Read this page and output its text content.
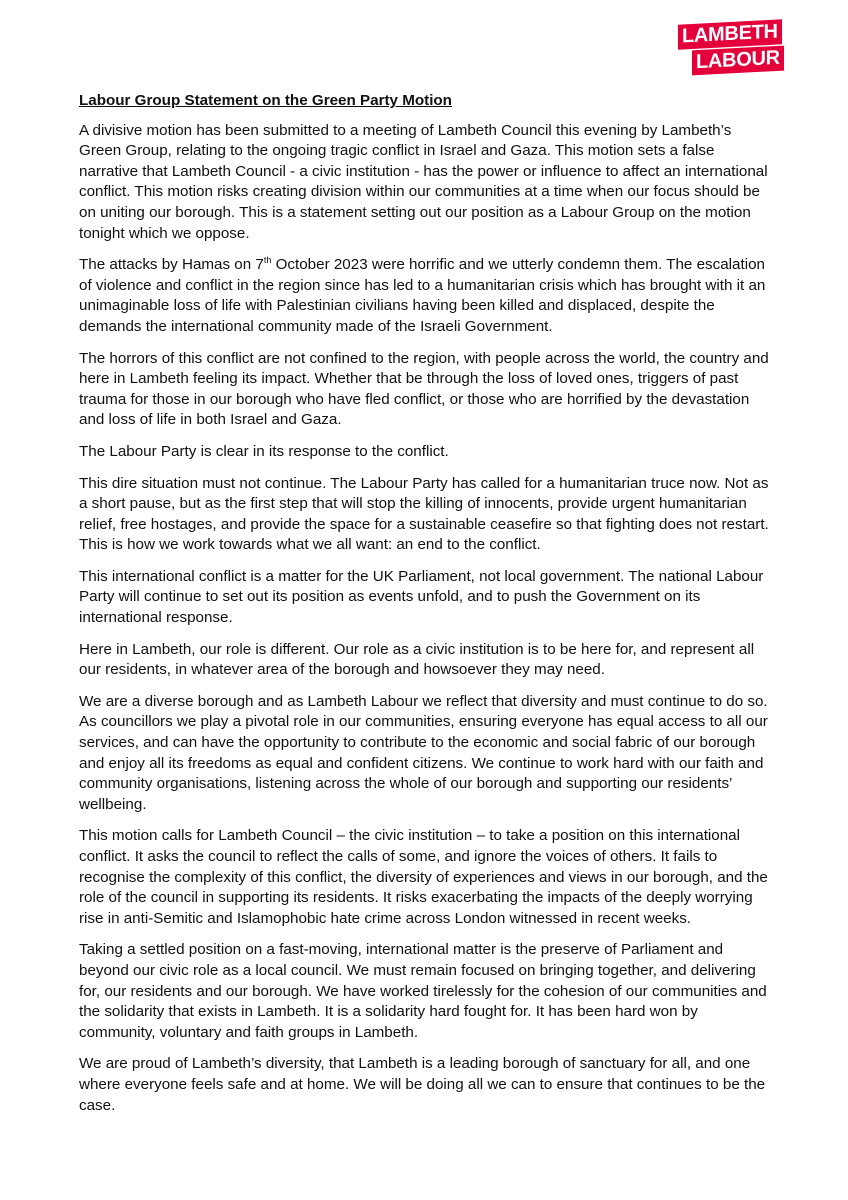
LAMBETH
LABOUR
Labour Group Statement on the Green Party Motion

A divisive motion has been submitted to a meeting of Lambeth Council this evening by Lambeth’s Green Group, relating to the ongoing tragic conflict in Israel and Gaza. This motion sets a false narrative that Lambeth Council - a civic institution - has the power or influence to affect an international conflict. This motion risks creating division within our communities at a time when our focus should be on uniting our borough. This is a statement setting out our position as a Labour Group on the motion tonight which we oppose.

The attacks by Hamas on 7th October 2023 were horrific and we utterly condemn them. The escalation of violence and conflict in the region since has led to a humanitarian crisis which has brought with it an unimaginable loss of life with Palestinian civilians having been killed and displaced, despite the demands the international community made of the Israeli Government.

The horrors of this conflict are not confined to the region, with people across the world, the country and here in Lambeth feeling its impact. Whether that be through the loss of loved ones, triggers of past trauma for those in our borough who have fled conflict, or those who are horrified by the devastation and loss of life in both Israel and Gaza.

The Labour Party is clear in its response to the conflict.

This dire situation must not continue. The Labour Party has called for a humanitarian truce now. Not as a short pause, but as the first step that will stop the killing of innocents, provide urgent humanitarian relief, free hostages, and provide the space for a sustainable ceasefire so that fighting does not restart. This is how we work towards what we all want: an end to the conflict.

This international conflict is a matter for the UK Parliament, not local government. The national Labour Party will continue to set out its position as events unfold, and to push the Government on its international response.

Here in Lambeth, our role is different. Our role as a civic institution is to be here for, and represent all our residents, in whatever area of the borough and howsoever they may need.

We are a diverse borough and as Lambeth Labour we reflect that diversity and must continue to do so. As councillors we play a pivotal role in our communities, ensuring everyone has equal access to all our services, and can have the opportunity to contribute to the economic and social fabric of our borough and enjoy all its freedoms as equal and confident citizens. We continue to work hard with our faith and community organisations, listening across the whole of our borough and supporting our residents’ wellbeing.

This motion calls for Lambeth Council – the civic institution – to take a position on this international conflict. It asks the council to reflect the calls of some, and ignore the voices of others. It fails to recognise the complexity of this conflict, the diversity of experiences and views in our borough, and the role of the council in supporting its residents. It risks exacerbating the impacts of the deeply worrying rise in anti-Semitic and Islamophobic hate crime across London witnessed in recent weeks.

Taking a settled position on a fast-moving, international matter is the preserve of Parliament and beyond our civic role as a local council. We must remain focused on bringing together, and delivering for, our residents and our borough. We have worked tirelessly for the cohesion of our communities and the solidarity that exists in Lambeth. It is a solidarity hard fought for. It has been hard won by community, voluntary and faith groups in Lambeth.

We are proud of Lambeth’s diversity, that Lambeth is a leading borough of sanctuary for all, and one where everyone feels safe and at home. We will be doing all we can to ensure that continues to be the case.
